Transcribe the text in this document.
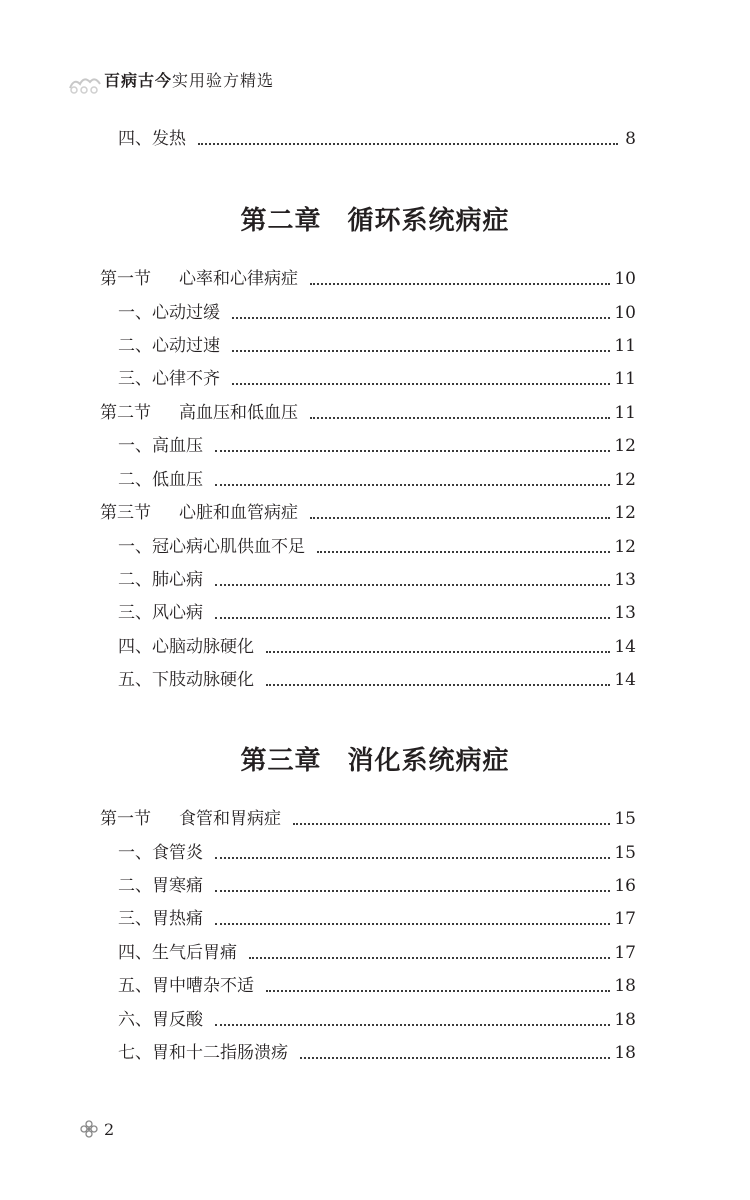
百病古今实用验方精选
四、发热	8
第二章 循环系统病症
第一节 心率和心律病症	10
一、心动过缓	10
二、心动过速	11
三、心律不齐	11
第二节 高血压和低血压	11
一、高血压	12
二、低血压	12
第三节 心脏和血管病症	12
一、冠心病心肌供血不足	12
二、肺心病	13
三、风心病	13
四、心脑动脉硬化	14
五、下肢动脉硬化	14
第三章 消化系统病症
第一节 食管和胃病症	15
一、食管炎	15
二、胃寒痛	16
三、胃热痛	17
四、生气后胃痛	17
五、胃中嘈杂不适	18
六、胃反酸	18
七、胃和十二指肠溃疡	18
2
